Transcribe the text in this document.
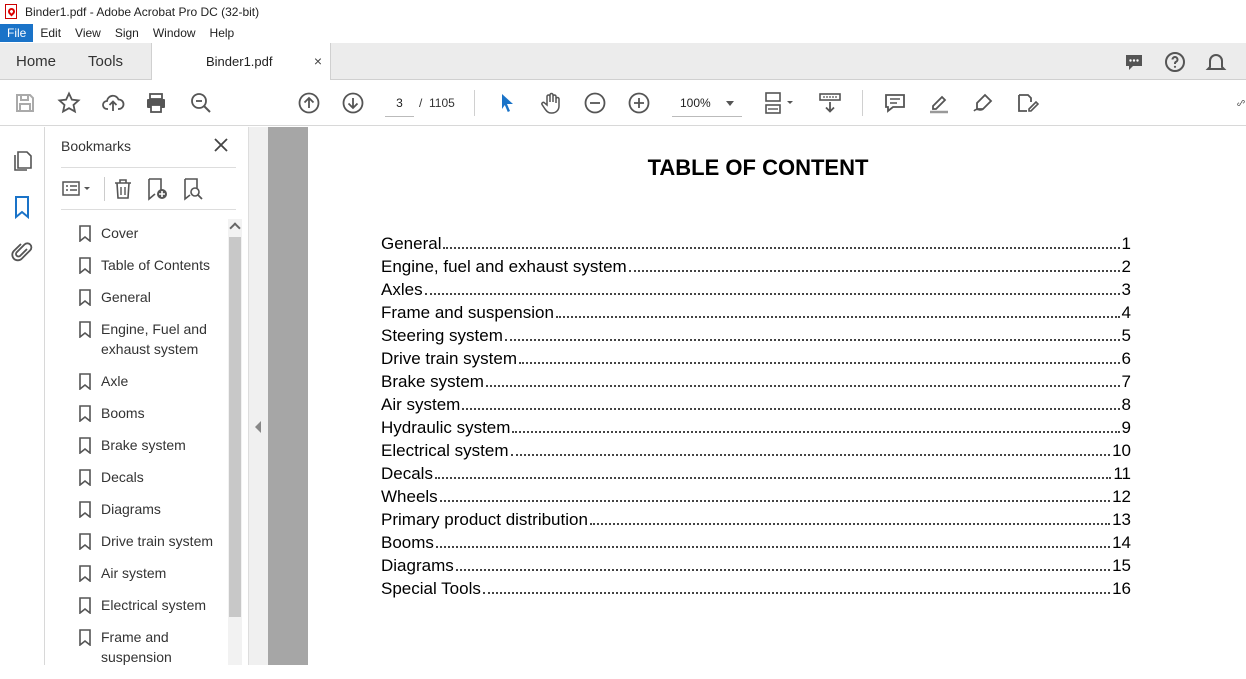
Binder1.pdf - Adobe Acrobat Pro DC (32-bit)
File	Edit	View	Sign	Window	Help
Home	Tools	Binder1.pdf	×
3	/ 1105	100%
Bookmarks
Cover
Table of Contents
General
Engine, Fuel and exhaust system
Axle
Booms
Brake system
Decals
Diagrams
Drive train system
Air system
Electrical system
Frame and suspension
TABLE OF CONTENT
General	1
Engine, fuel and exhaust system	2
Axles	3
Frame and suspension	4
Steering system	5
Drive train system	6
Brake system	7
Air system	8
Hydraulic system	9
Electrical system	10
Decals	11
Wheels	12
Primary product distribution	13
Booms	14
Diagrams	15
Special Tools	16
